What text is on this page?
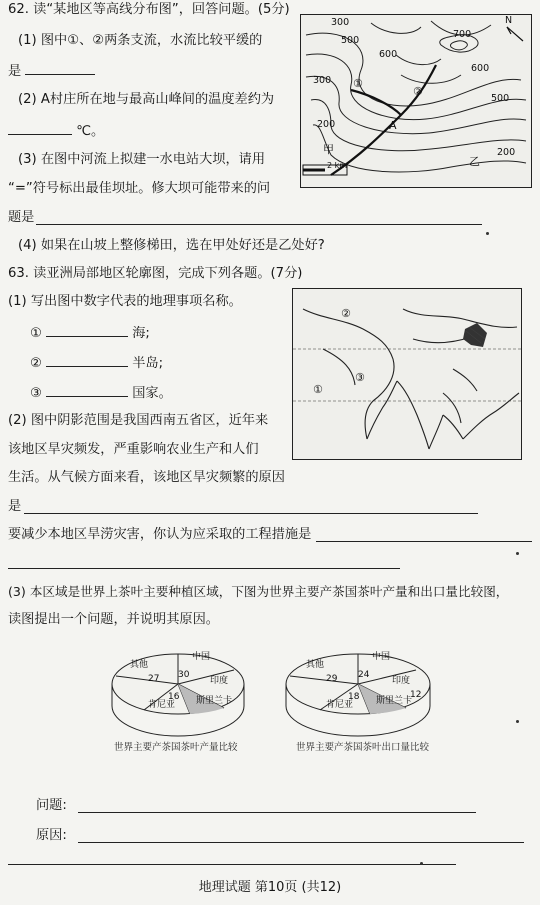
62. 读“某地区等高线分布图”，回答问题。(5分)
(1) 图中①、②两条支流，水流比较平缓的
是
(2) A村庄所在地与最高山峰间的温度差约为
℃。
(3) 在图中河流上拟建一水电站大坝，请用
“=”符号标出最佳坝址。修大坝可能带来的问
题是
(4) 如果在山坡上整修梯田，选在甲处好还是乙处好?
300
500
600
700
600
500
300
200
200
①
②
甲
乙
A
N
2 km
63. 读亚洲局部地区轮廓图，完成下列各题。(7分)
(1) 写出图中数字代表的地理事项名称。
①	海;
②	半岛;
③	国家。
(2) 图中阴影范围是我国西南五省区，近年来
该地区旱灾频发，严重影响农业生产和人们
生活。从气候方面来看，该地区旱灾频繁的原因
是
要减少本地区旱涝灾害，你认为应采取的工程措施是
①
②
③
(3) 本区域是世界上茶叶主要种植区域，下图为世界主要产茶国茶叶产量和出口量比较图，
读图提出一个问题，并说明其原因。
其他
中国
印度
斯里兰卡
肯尼亚
27 30
16
世界主要产茶国茶叶产量比较
其他
中国
印度
斯里兰卡
肯尼亚
29 24
18	12
世界主要产茶国茶叶出口量比较
问题:
原因:
地理试题 第10页 (共12)
